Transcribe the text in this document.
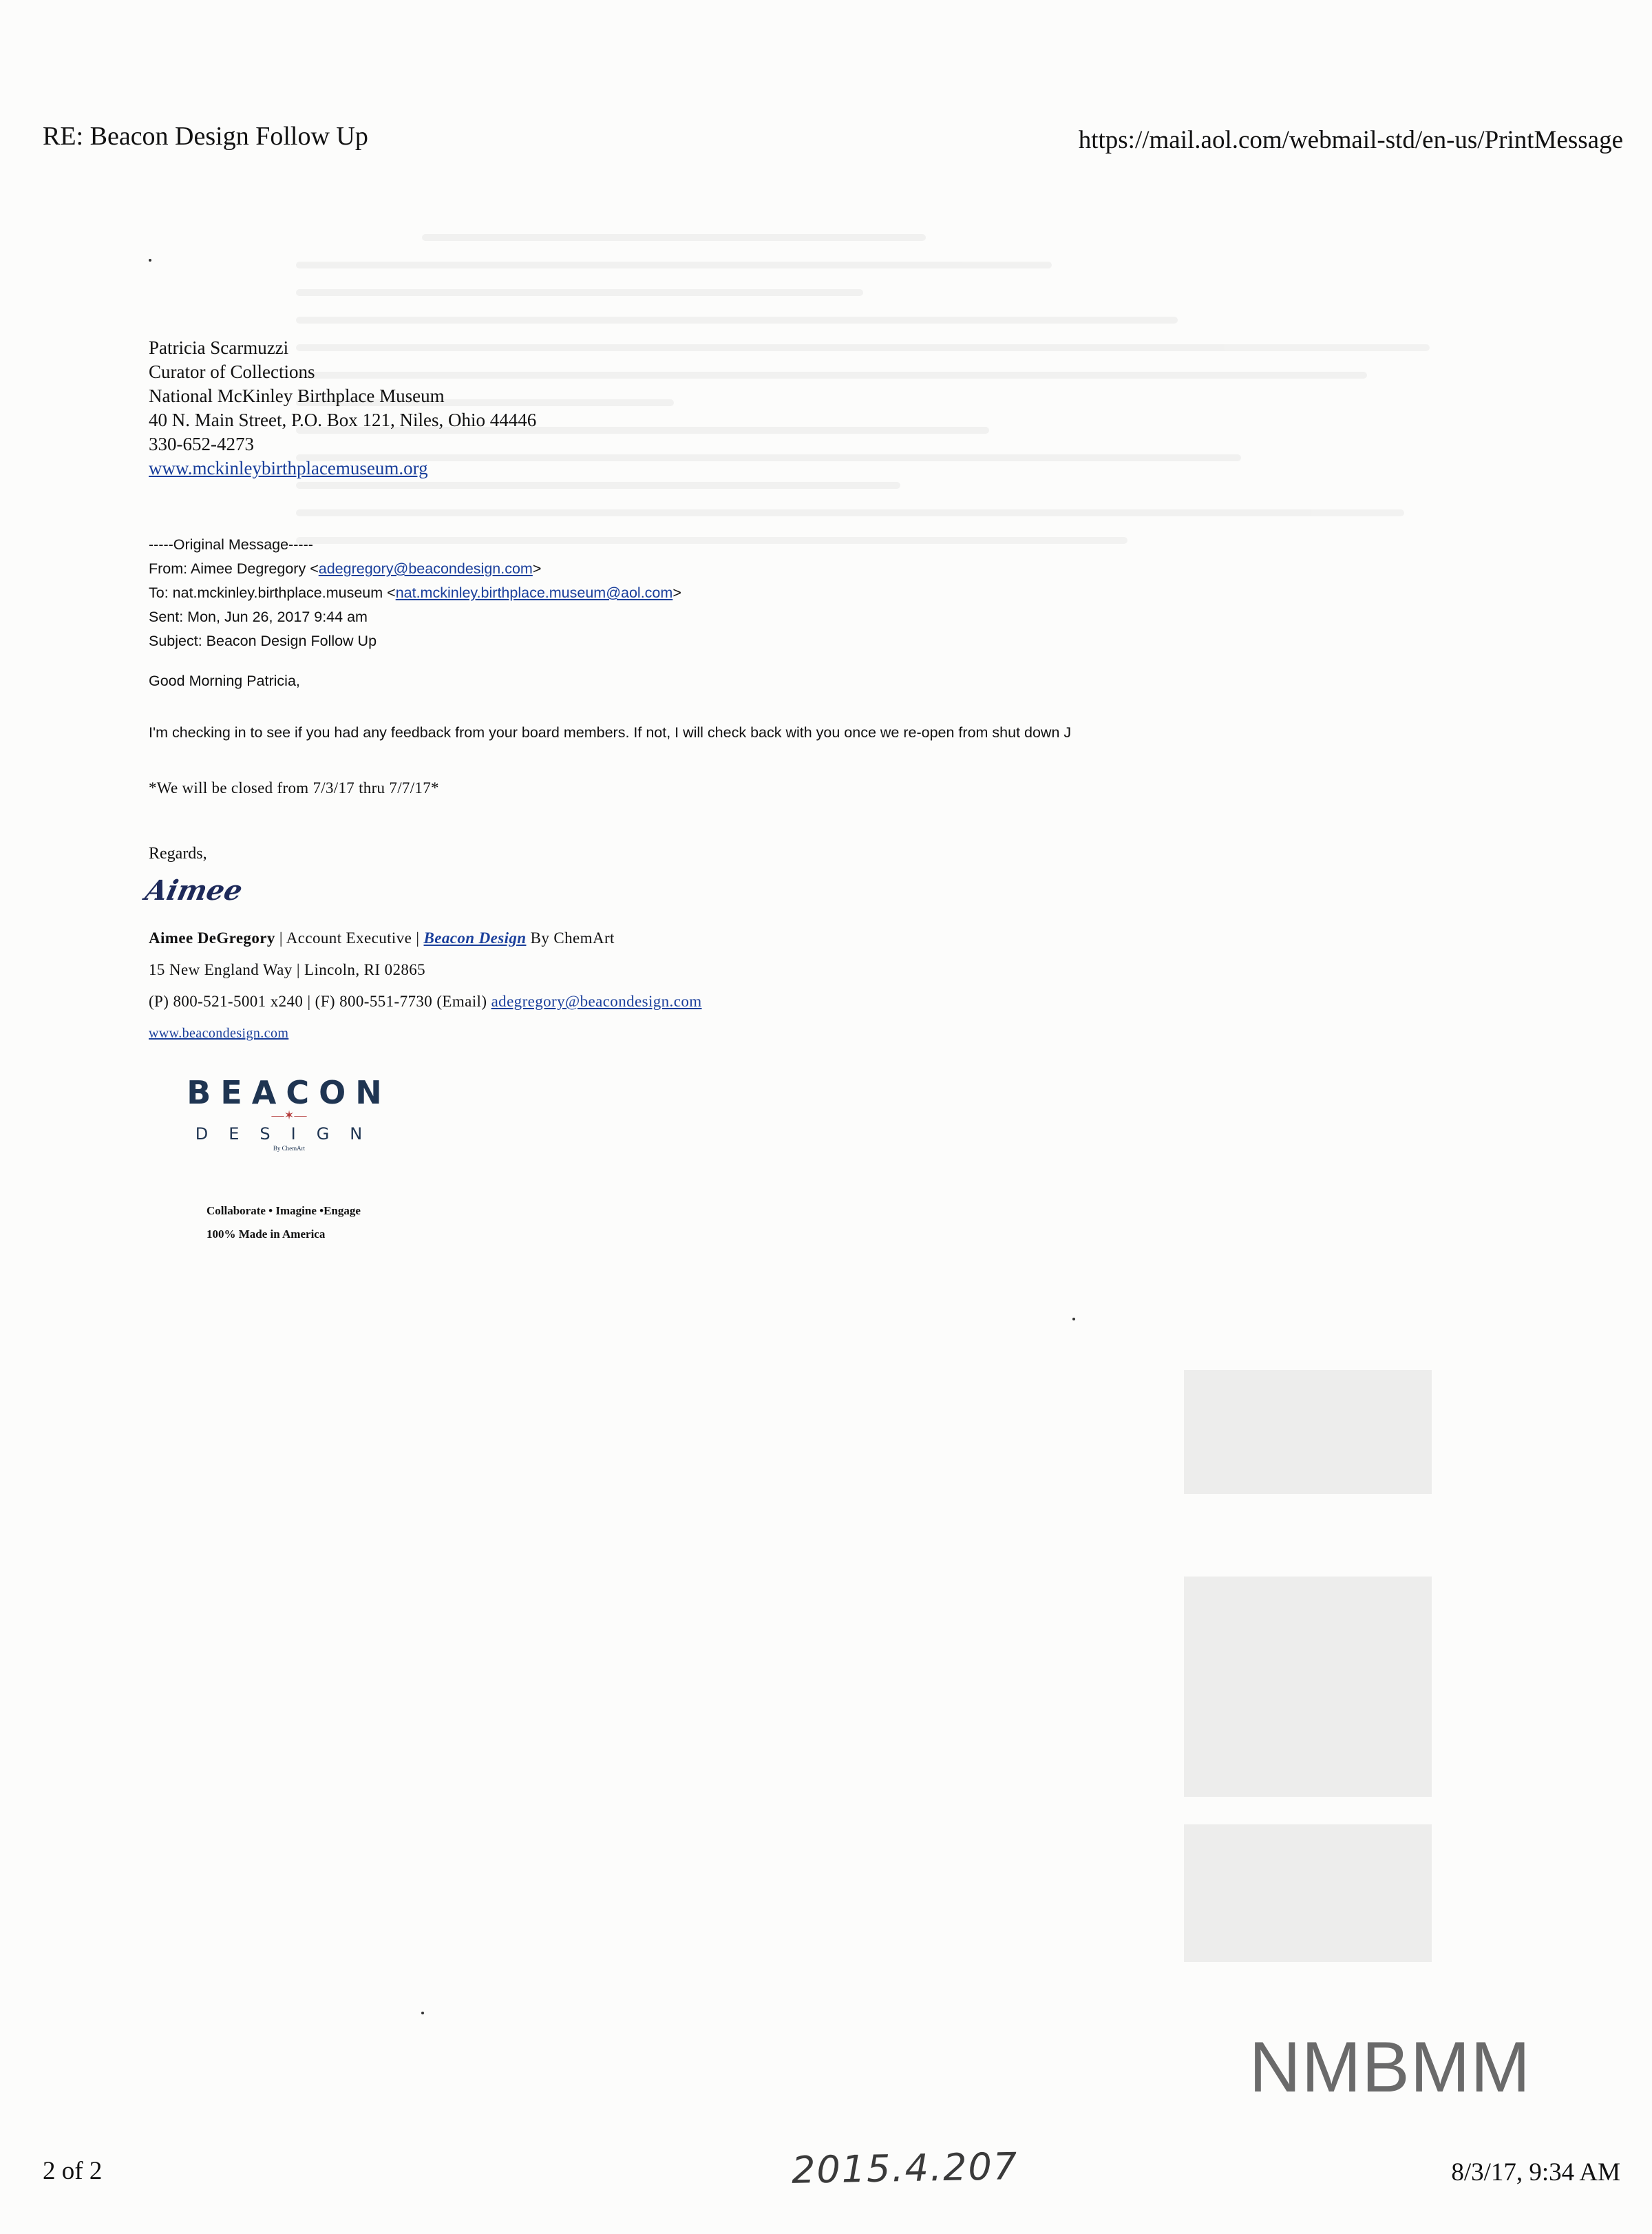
RE: Beacon Design Follow Up	https://mail.aol.com/webmail-std/en-us/PrintMessage
Patricia Scarmuzzi
Curator of Collections
National McKinley Birthplace Museum
40 N. Main Street, P.O. Box 121, Niles, Ohio 44446
330-652-4273
www.mckinleybirthplacemuseum.org
-----Original Message-----
From: Aimee Degregory <adegregory@beacondesign.com>
To: nat.mckinley.birthplace.museum <nat.mckinley.birthplace.museum@aol.com>
Sent: Mon, Jun 26, 2017 9:44 am
Subject: Beacon Design Follow Up
Good Morning Patricia,
I'm checking in to see if you had any feedback from your board members. If not, I will check back with you once we re-open from shut down J
*We will be closed from 7/3/17 thru 7/7/17*
Regards,
Aimee
Aimee DeGregory | Account Executive | Beacon Design By ChemArt
15 New England Way | Lincoln, RI 02865
(P) 800-521-5001 x240 | (F) 800-551-7730 (Email) adegregory@beacondesign.com
www.beacondesign.com
BEACON
—✶—
DESIGN
By ChemArt
Collaborate • Imagine •Engage
100% Made in America
NMBMM
2 of 2	2015.4.207	8/3/17, 9:34 AM
